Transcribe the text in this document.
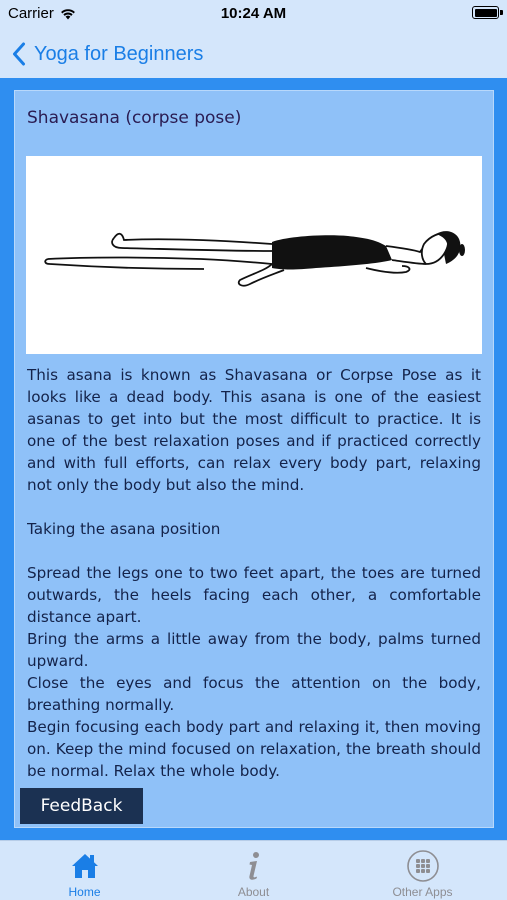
Carrier	10:24 AM
Yoga for Beginners
Shavasana (corpse pose)

This asana is known as Shavasana or Corpse Pose as it looks like a dead body. This asana is one of the easiest asanas to get into but the most difficult to practice. It is one of the best relaxation poses and if practiced correctly and with full efforts, can relax every body part, relaxing not only the body but also the mind.

Taking the asana position

Spread the legs one to two feet apart, the toes are turned outwards, the heels facing each other, a comfortable distance apart.

Bring the arms a little away from the body, palms turned upward.

Close the eyes and focus the attention on the body, breathing normally.

Begin focusing each body part and relaxing it, then moving on. Keep the mind focused on relaxation, the breath should be normal. Relax the whole body.

FeedBack
Home	About	Other Apps
